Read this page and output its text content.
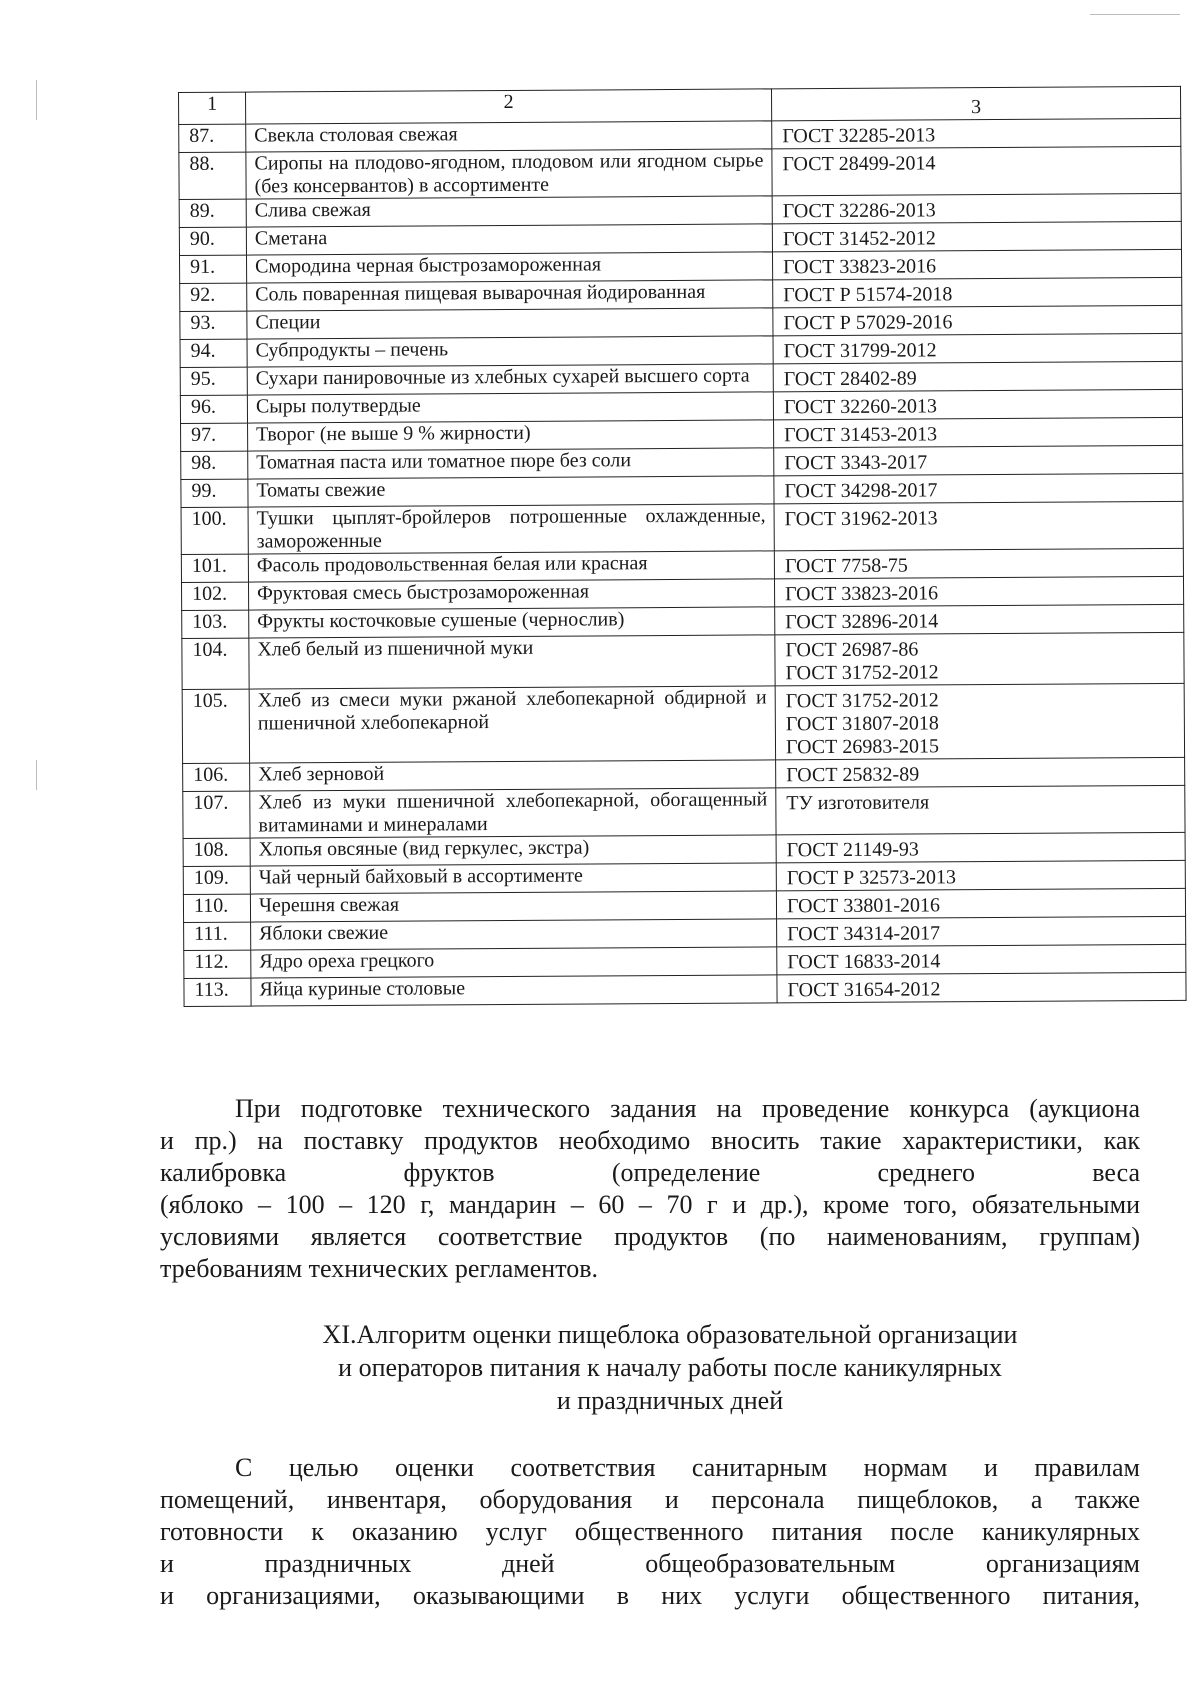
1	2	3
87.	Свекла столовая свежая	ГОСТ 32285-2013

88.	Сиропы на плодово-ягодном, плодовом или ягодном сырье (без консервантов) в ассортименте	ГОСТ 28499-2014

89.	Слива свежая	ГОСТ 32286-2013

90.	Сметана	ГОСТ 31452-2012

91.	Смородина черная быстрозамороженная	ГОСТ 33823-2016

92.	Соль поваренная пищевая выварочная йодированная	ГОСТ Р 51574-2018

93.	Специи	ГОСТ Р 57029-2016

94.	Субпродукты – печень	ГОСТ 31799-2012

95.	Сухари панировочные из хлебных сухарей высшего сорта	ГОСТ 28402-89

96.	Сыры полутвердые	ГОСТ 32260-2013

97.	Творог (не выше 9 % жирности)	ГОСТ 31453-2013

98.	Томатная паста или томатное пюре без соли	ГОСТ 3343-2017

99.	Томаты свежие	ГОСТ 34298-2017

100.	Тушки цыплят-бройлеров потрошенные охлажденные, замороженные	ГОСТ 31962-2013

101.	Фасоль продовольственная белая или красная	ГОСТ 7758-75

102.	Фруктовая смесь быстрозамороженная	ГОСТ 33823-2016

103.	Фрукты косточковые сушеные (чернослив)	ГОСТ 32896-2014

104.	Хлеб белый из пшеничной муки	ГОСТ 26987-86
ГОСТ 31752-2012

105.	Хлеб из смеси муки ржаной хлебопекарной обдирной и пшеничной хлебопекарной	ГОСТ 31752-2012
ГОСТ 31807-2018
ГОСТ 26983-2015

106.	Хлеб зерновой	ГОСТ 25832-89

107.	Хлеб из муки пшеничной хлебопекарной, обогащенный витаминами и минералами	ТУ изготовителя

108.	Хлопья овсяные (вид геркулес, экстра)	ГОСТ 21149-93

109.	Чай черный байховый в ассортименте	ГОСТ Р 32573-2013

110.	Черешня свежая	ГОСТ 33801-2016

111.	Яблоки свежие	ГОСТ 34314-2017

112.	Ядро ореха грецкого	ГОСТ 16833-2014

113.	Яйца куриные столовые	ГОСТ 31654-2012
При подготовке технического задания на проведение конкурса (аукциона
и пр.) на поставку продуктов необходимо вносить такие характеристики, как
калибровка фруктов (определение среднего веса
(яблоко – 100 – 120 г, мандарин – 60 – 70 г и др.), кроме того, обязательными
условиями является соответствие продуктов (по наименованиям, группам)
требованиям технических регламентов.
XI.Алгоритм оценки пищеблока образовательной организации
и операторов питания к началу работы после каникулярных
и праздничных дней
С целью оценки соответствия санитарным нормам и правилам
помещений, инвентаря, оборудования и персонала пищеблоков, а также
готовности к оказанию услуг общественного питания после каникулярных
и праздничных дней общеобразовательным организациям
и организациями, оказывающими в них услуги общественного питания,
